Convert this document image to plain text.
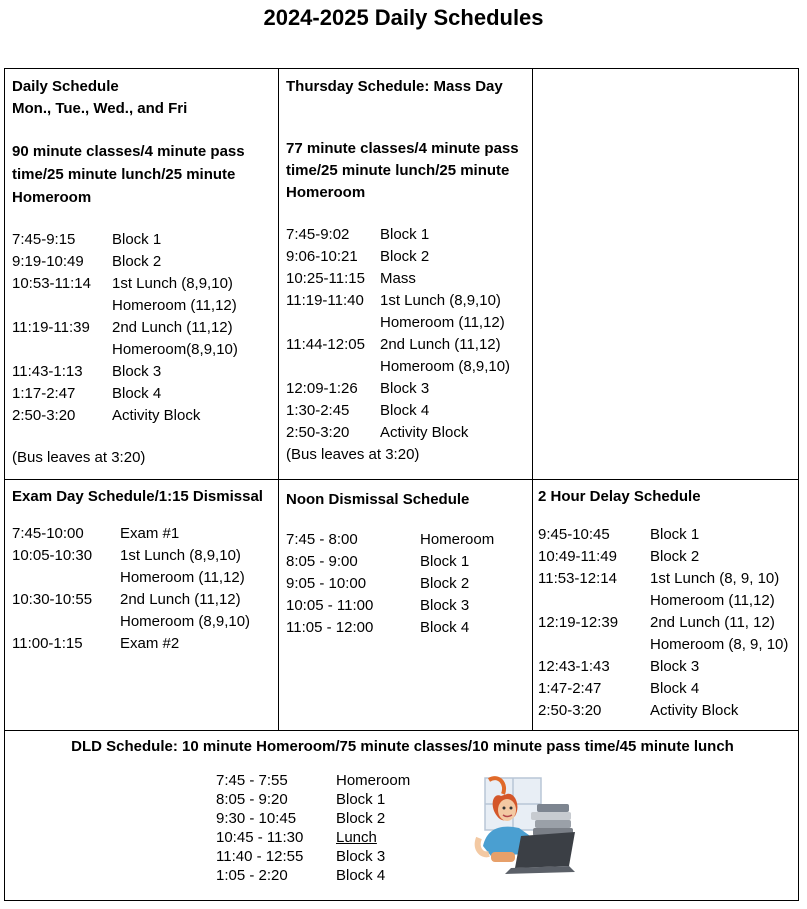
2024-2025 Daily Schedules
Daily Schedule
Mon., Tue., Wed., and Fri
90 minute classes/4 minute pass time/25 minute lunch/25 minute Homeroom
7:45-9:15	Block 1
9:19-10:49	Block 2
10:53-11:14	1st Lunch (8,9,10)
Homeroom (11,12)
11:19-11:39	2nd Lunch (11,12)
Homeroom(8,9,10)
11:43-1:13	Block 3
1:17-2:47	Block 4
2:50-3:20	Activity Block
(Bus leaves at 3:20)
Thursday Schedule: Mass Day
77 minute classes/4 minute pass time/25 minute lunch/25 minute Homeroom
7:45-9:02	Block 1
9:06-10:21	Block 2
10:25-11:15	Mass
11:19-11:40	1st Lunch (8,9,10)
Homeroom (11,12)
11:44-12:05	2nd Lunch (11,12)
Homeroom (8,9,10)
12:09-1:26	Block 3
1:30-2:45	Block 4
2:50-3:20	Activity Block
(Bus leaves at 3:20)
Exam Day Schedule/1:15 Dismissal
7:45-10:00	Exam #1
10:05-10:30	1st Lunch (8,9,10)
Homeroom (11,12)
10:30-10:55	2nd Lunch (11,12)
Homeroom (8,9,10)
11:00-1:15	Exam #2
Noon Dismissal Schedule
7:45 - 8:00	Homeroom
8:05 - 9:00	Block 1
9:05 - 10:00	Block 2
10:05 - 11:00	Block 3
11:05 - 12:00	Block 4
2 Hour Delay Schedule
9:45-10:45	Block 1
10:49-11:49	Block 2
11:53-12:14	1st Lunch (8, 9, 10)
Homeroom (11,12)
12:19-12:39	2nd Lunch (11, 12)
Homeroom (8, 9, 10)
12:43-1:43	Block 3
1:47-2:47	Block 4
2:50-3:20	Activity Block
DLD Schedule: 10 minute Homeroom/75 minute classes/10 minute pass time/45 minute lunch
7:45 - 7:55	Homeroom
8:05 - 9:20	Block 1
9:30 - 10:45	Block 2
10:45 - 11:30	Lunch
11:40 - 12:55	Block 3
1:05 - 2:20	Block 4
